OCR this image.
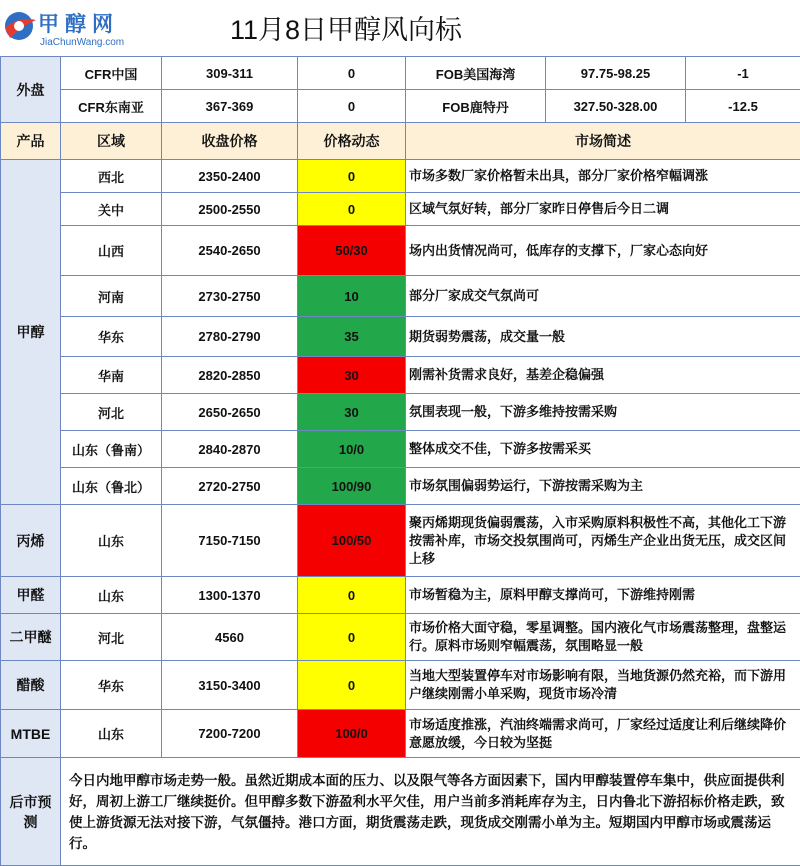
甲醇网
JiaChunWang.com	11月8日甲醇风向标
外盘	CFR中国	309-311	0	FOB美国海湾	97.75-98.25	-1
	CFR东南亚	367-369	0	FOB鹿特丹	327.50-328.00	-12.5
产品	区域	收盘价格	价格动态	市场简述		
甲醇	西北	2350-2400	0	市场多数厂家价格暂未出具，部分厂家价格窄幅调涨		
	关中	2500-2550	0	区域气氛好转，部分厂家昨日停售后今日二调		
	山西	2540-2650	50/30	场内出货情况尚可，低库存的支撑下，厂家心态向好		
	河南	2730-2750	10	部分厂家成交气氛尚可		
	华东	2780-2790	35	期货弱势震荡，成交量一般		
	华南	2820-2850	30	刚需补货需求良好，基差企稳偏强		
	河北	2650-2650	30	氛围表现一般，下游多维持按需采购		
	山东（鲁南）	2840-2870	10/0	整体成交不佳，下游多按需采买		
	山东（鲁北）	2720-2750	100/90	市场氛围偏弱势运行，下游按需采购为主		
丙烯	山东	7150-7150	100/50	聚丙烯期现货偏弱震荡，入市采购原料积极性不高，其他化工下游按需补库，市场交投氛围尚可，丙烯生产企业出货无压，成交区间上移		
甲醛	山东	1300-1370	0	市场暂稳为主，原料甲醇支撑尚可，下游维持刚需		
二甲醚	河北	4560	0	市场价格大面守稳，零星调整。国内液化气市场震荡整理，盘整运行。原料市场则窄幅震荡，氛围略显一般		
醋酸	华东	3150-3400	0	当地大型装置停车对市场影响有限，当地货源仍然充裕，而下游用户继续刚需小单采购，现货市场冷清		
MTBE	山东	7200-7200	100/0	市场适度推涨，汽油终端需求尚可，厂家经过适度让利后继续降价意愿放缓，今日较为坚挺		
后市预测	今日内地甲醇市场走势一般。虽然近期成本面的压力、以及限气等各方面因素下，国内甲醇装置停车集中，供应面提供利好，周初上游工厂继续挺价。但甲醇多数下游盈利水平欠佳，用户当前多消耗库存为主，日内鲁北下游招标价格走跌，致使上游货源无法对接下游，气氛僵持。港口方面，期货震荡走跌，现货成交刚需小单为主。短期国内甲醇市场或震荡运行。					
